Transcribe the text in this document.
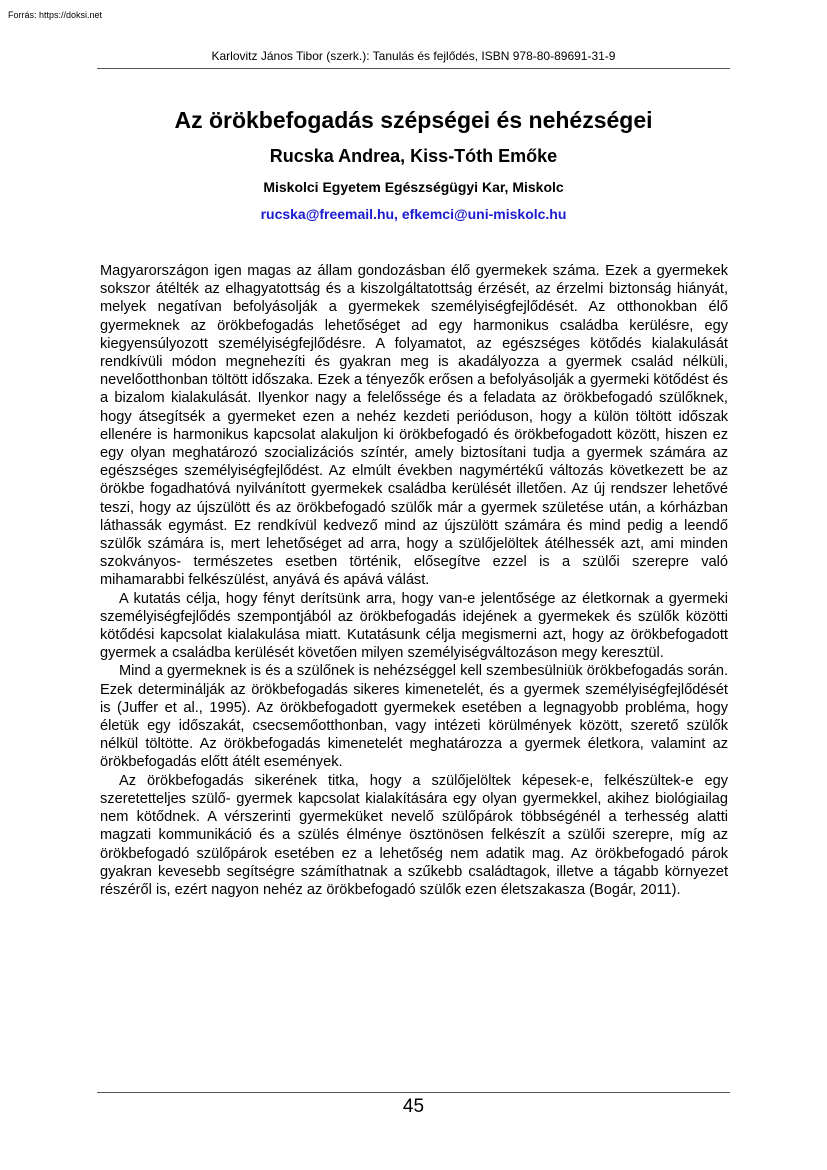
Forrás: https://doksi.net
Karlovitz János Tibor (szerk.): Tanulás és fejlődés, ISBN 978-80-89691-31-9
Az örökbefogadás szépségei és nehézségei
Rucska Andrea, Kiss-Tóth Emőke
Miskolci Egyetem Egészségügyi Kar, Miskolc
rucska@freemail.hu, efkemci@uni-miskolc.hu

Magyarországon igen magas az állam gondozásban élő gyermekek száma. Ezek a gyermekek sokszor átélték az elhagyatottság és a kiszolgáltatottság érzését, az érzelmi biztonság hiányát, melyek negatívan befolyásolják a gyermekek személyiségfejlődését. Az otthonokban élő gyermeknek az örökbefogadás lehetőséget ad egy harmonikus családba kerülésre, egy kiegyensúlyozott személyiségfejlődésre. A folyamatot, az egészséges kötődés kialakulását rendkívüli módon megnehezíti és gyakran meg is akadályozza a gyermek család nélküli, nevelőotthonban töltött időszaka. Ezek a tényezők erősen a befolyásolják a gyermeki kötődést és a bizalom kialakulását. Ilyenkor nagy a felelőssége és a feladata az örökbefogadó szülőknek, hogy átsegítsék a gyermeket ezen a nehéz kezdeti perióduson, hogy a külön töltött időszak ellenére is harmonikus kapcsolat alakuljon ki örökbefogadó és örökbefogadott között, hiszen ez egy olyan meghatározó szocializációs színtér, amely biztosítani tudja a gyermek számára az egészséges személyiségfejlődést. Az elmúlt években nagymértékű változás következett be az örökbe fogadhatóvá nyilvánított gyermekek családba kerülését illetően. Az új rendszer lehetővé teszi, hogy az újszülött és az örökbefogadó szülők már a gyermek születése után, a kórházban láthassák egymást. Ez rendkívül kedvező mind az újszülött számára és mind pedig a leendő szülők számára is, mert lehetőséget ad arra, hogy a szülőjelöltek átélhessék azt, ami minden szokványos- természetes esetben történik, elősegítve ezzel is a szülői szerepre való mihamarabbi felkészülést, anyává és apává válást.

A kutatás célja, hogy fényt derítsünk arra, hogy van-e jelentősége az életkornak a gyermeki személyiségfejlődés szempontjából az örökbefogadás idejének a gyermekek és szülők közötti kötődési kapcsolat kialakulása miatt. Kutatásunk célja megismerni azt, hogy az örökbefogadott gyermek a családba kerülését követően milyen személyiségváltozáson megy keresztül.

Mind a gyermeknek is és a szülőnek is nehézséggel kell szembesülniük örökbefogadás során. Ezek determinálják az örökbefogadás sikeres kimenetelét, és a gyermek személyiségfejlődését is (Juffer et al., 1995). Az örökbefogadott gyermekek esetében a legnagyobb probléma, hogy életük egy időszakát, csecsemőotthonban, vagy intézeti körülmények között, szerető szülők nélkül töltötte. Az örökbefogadás kimenetelét meghatározza a gyermek életkora, valamint az örökbefogadás előtt átélt események.

Az örökbefogadás sikerének titka, hogy a szülőjelöltek képesek-e, felkészültek-e egy szeretetteljes szülő- gyermek kapcsolat kialakítására egy olyan gyermekkel, akihez biológiailag nem kötődnek. A vérszerinti gyermeküket nevelő szülőpárok többségénél a terhesség alatti magzati kommunikáció és a szülés élménye ösztönösen felkészít a szülői szerepre, míg az örökbefogadó szülőpárok esetében ez a lehetőség nem adatik mag. Az örökbefogadó párok gyakran kevesebb segítségre számíthatnak a szűkebb családtagok, illetve a tágabb környezet részéről is, ezért nagyon nehéz az örökbefogadó szülők ezen életszakasza (Bogár, 2011).

45
